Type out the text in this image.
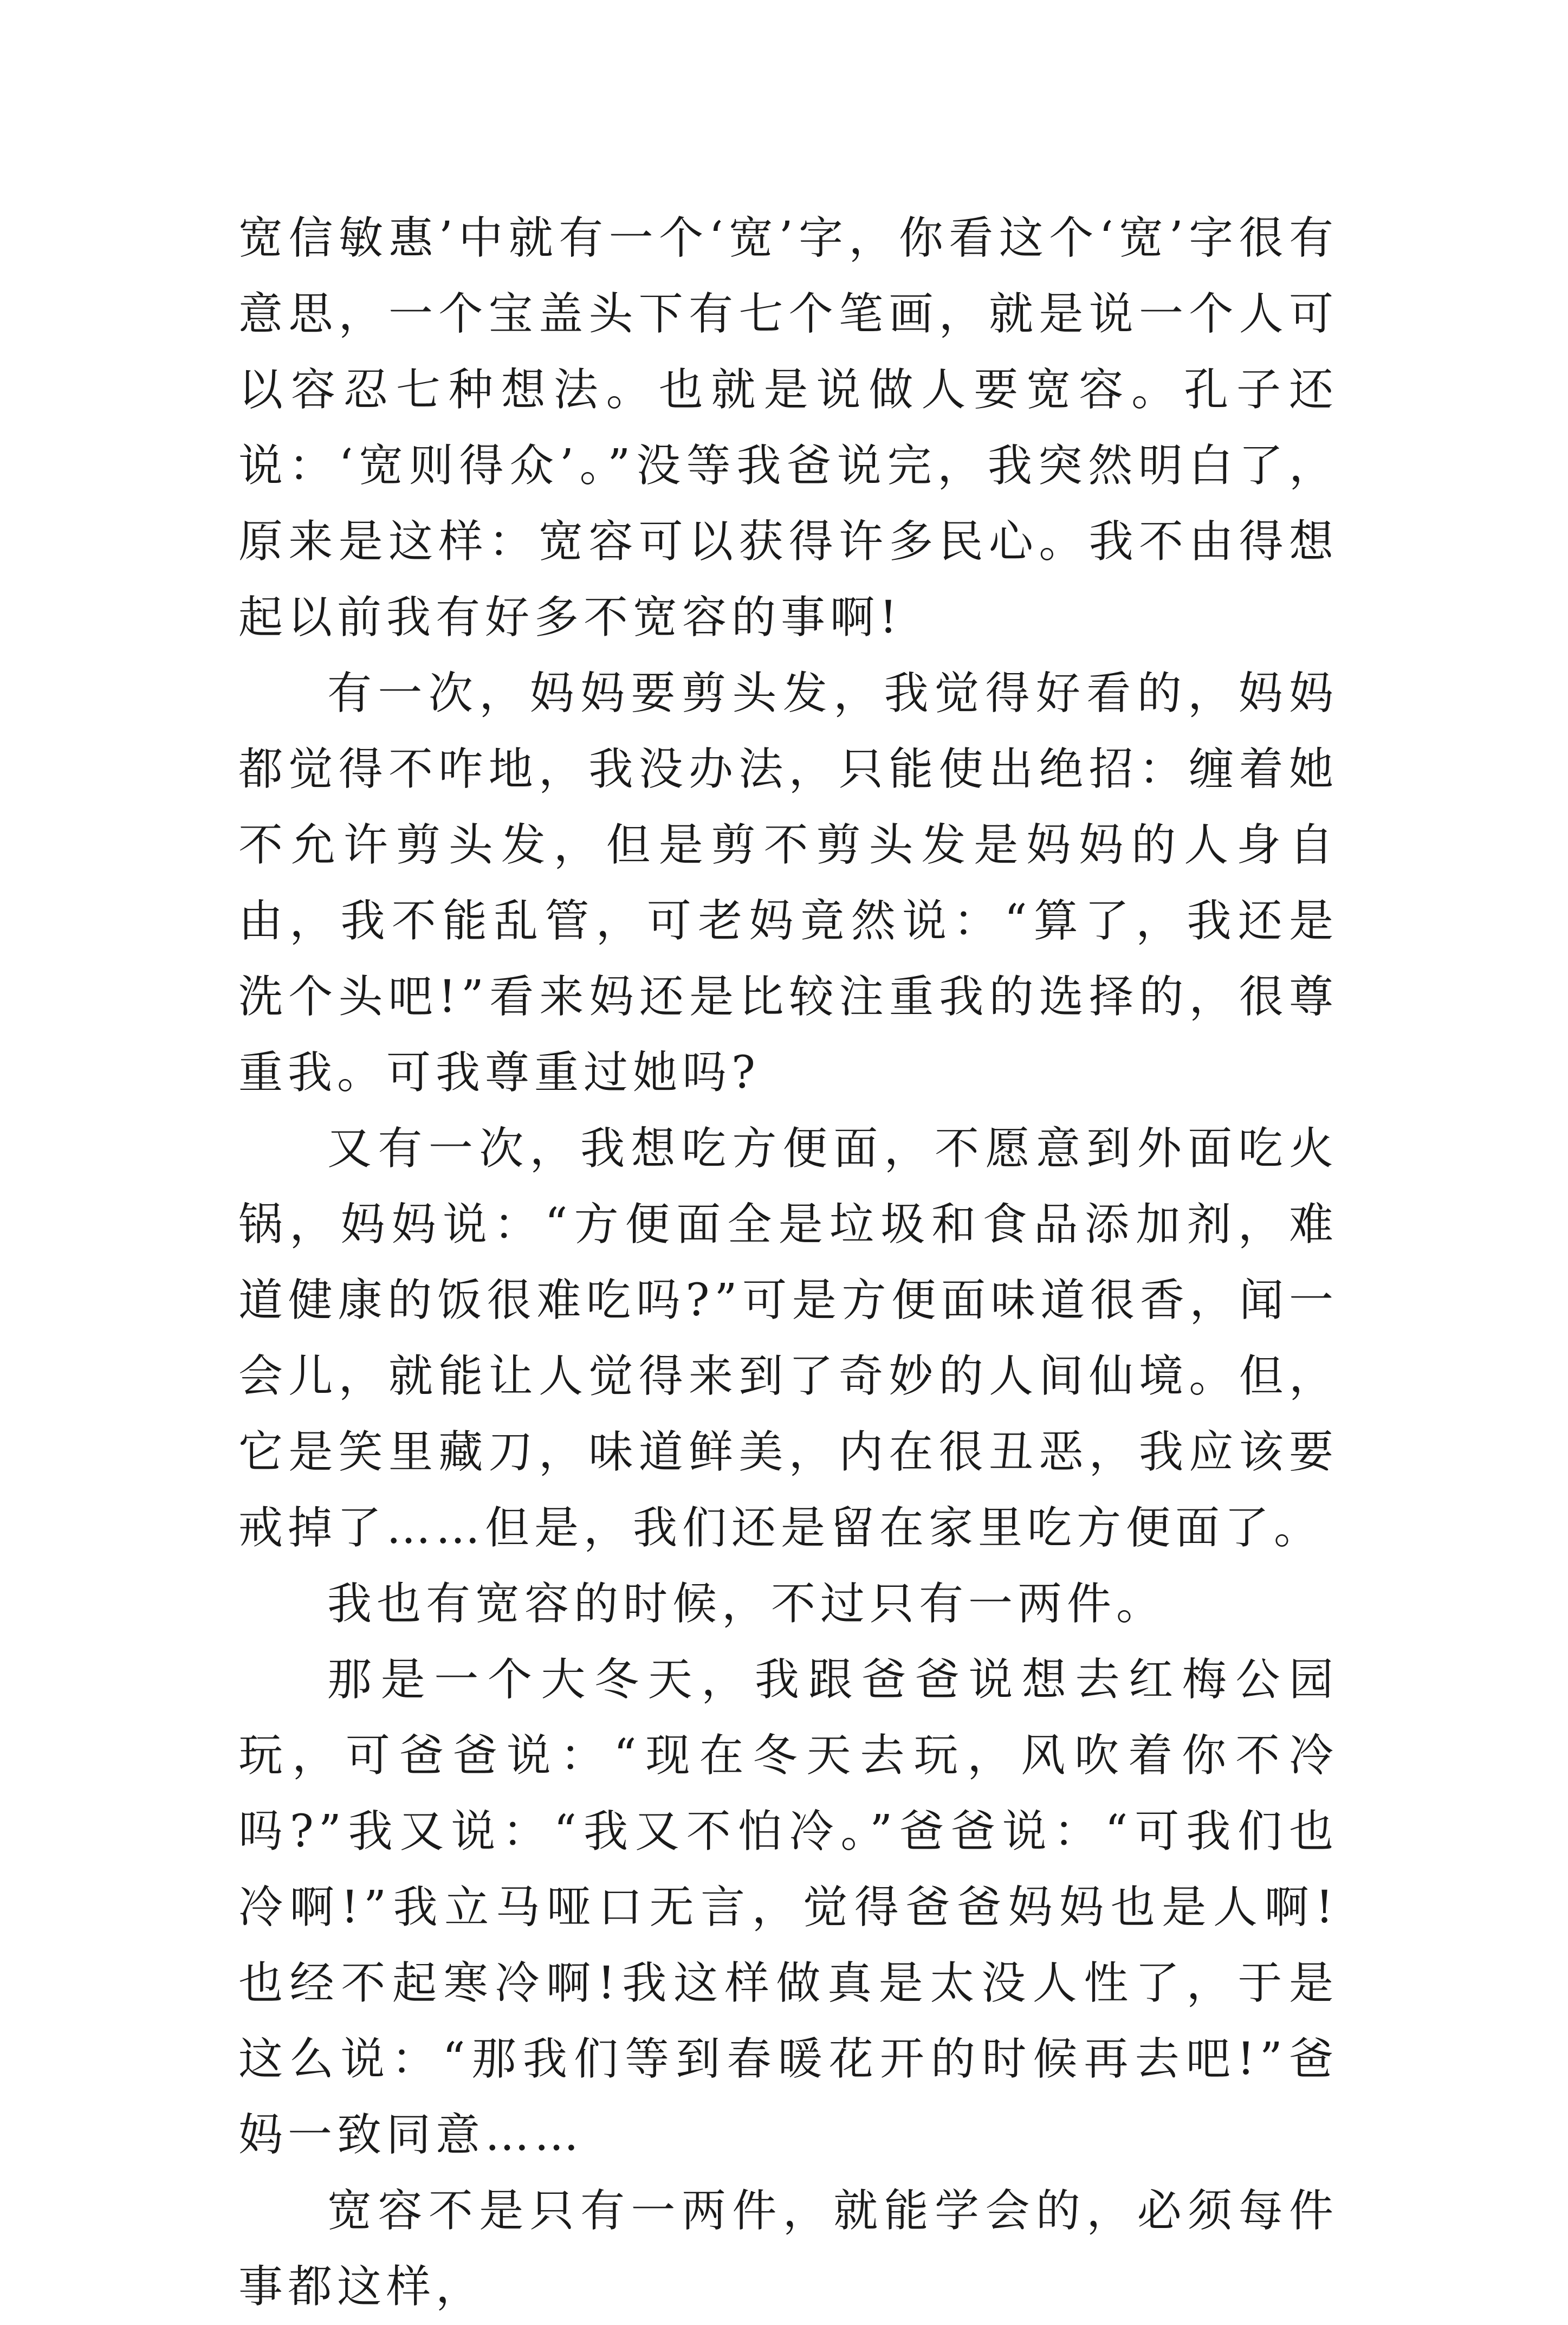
宽信敏惠’中就有一个‘宽’字，你看这个‘宽’字很有意思，一个宝盖头下有七个笔画，就是说一个人可以容忍七种想法。也就是说做人要宽容。孔子还说：‘宽则得众’。”没等我爸说完，我突然明白了，原来是这样：宽容可以获得许多民心。我不由得想起以前我有好多不宽容的事啊!

有一次，妈妈要剪头发，我觉得好看的，妈妈都觉得不咋地，我没办法，只能使出绝招：缠着她不允许剪头发，但是剪不剪头发是妈妈的人身自由，我不能乱管，可老妈竟然说：“算了，我还是洗个头吧!”看来妈还是比较注重我的选择的，很尊重我。可我尊重过她吗?

又有一次，我想吃方便面，不愿意到外面吃火锅，妈妈说：“方便面全是垃圾和食品添加剂，难道健康的饭很难吃吗?”可是方便面味道很香，闻一会儿，就能让人觉得来到了奇妙的人间仙境。但，它是笑里藏刀，味道鲜美，内在很丑恶，我应该要戒掉了……但是，我们还是留在家里吃方便面了。

我也有宽容的时候，不过只有一两件。

那是一个大冬天，我跟爸爸说想去红梅公园玩，可爸爸说：“现在冬天去玩，风吹着你不冷吗?”我又说：“我又不怕冷。”爸爸说：“可我们也冷啊!”我立马哑口无言，觉得爸爸妈妈也是人啊!也经不起寒冷啊!我这样做真是太没人性了，于是这么说：“那我们等到春暖花开的时候再去吧!”爸妈一致同意……

宽容不是只有一两件，就能学会的，必须每件事都这样，
